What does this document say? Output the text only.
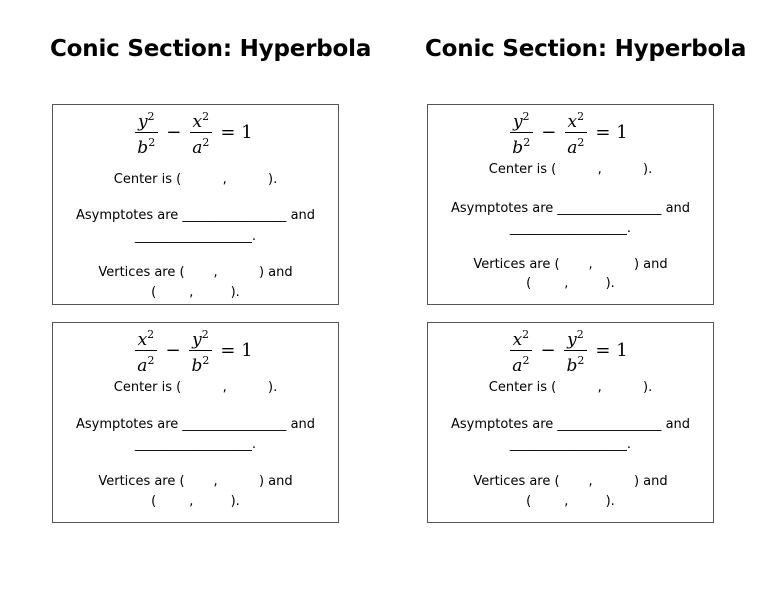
Conic Section: Hyperbola Conic Section: Hyperbola
$\frac{y^2}{b^2} - \frac{x^2}{a^2} = 1$
Center is (          ,          ).
Asymptotes are ________________ and
__________________.
Vertices are (       ,          ) and
(        ,         ).
$\frac{y^2}{b^2} - \frac{x^2}{a^2} = 1$
Center is (          ,          ).
Asymptotes are ________________ and
__________________.
Vertices are (       ,          ) and
(        ,         ).
$\frac{x^2}{a^2} - \frac{y^2}{b^2} = 1$
Center is (          ,          ).
Asymptotes are ________________ and
__________________.
Vertices are (       ,          ) and
(        ,         ).
$\frac{x^2}{a^2} - \frac{y^2}{b^2} = 1$
Center is (          ,          ).
Asymptotes are ________________ and
__________________.
Vertices are (       ,          ) and
(        ,         ).
